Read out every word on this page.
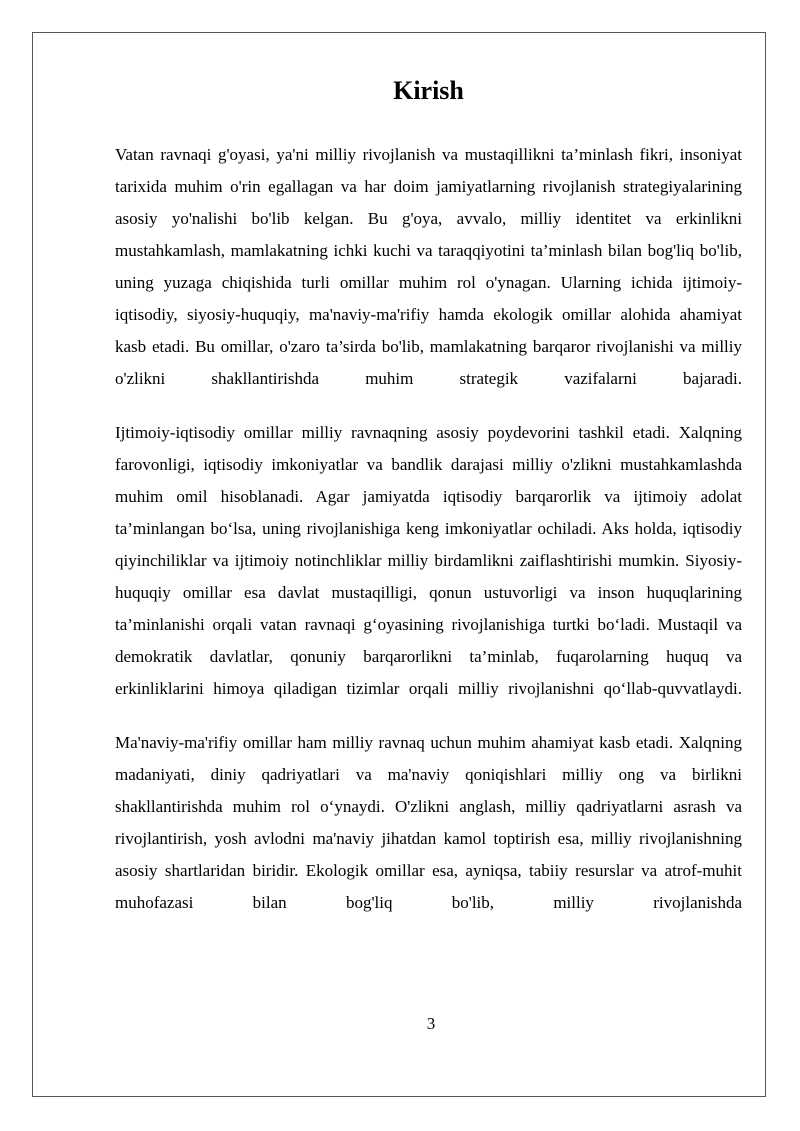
Kirish

Vatan ravnaqi g'oyasi, ya'ni milliy rivojlanish va mustaqillikni ta’minlash fikri, insoniyat tarixida muhim o'rin egallagan va har doim jamiyatlarning rivojlanish strategiyalarining asosiy yo'nalishi bo'lib kelgan. Bu g'oya, avvalo, milliy identitet va erkinlikni mustahkamlash, mamlakatning ichki kuchi va taraqqiyotini ta’minlash bilan bog'liq bo'lib, uning yuzaga chiqishida turli omillar muhim rol o'ynagan. Ularning ichida ijtimoiy-iqtisodiy, siyosiy-huquqiy, ma'naviy-ma'rifiy hamda ekologik omillar alohida ahamiyat kasb etadi. Bu omillar, o'zaro ta’sirda bo'lib, mamlakatning barqaror rivojlanishi va milliy o'zlikni shakllantirishda muhim strategik vazifalarni bajaradi.

Ijtimoiy-iqtisodiy omillar milliy ravnaqning asosiy poydevorini tashkil etadi. Xalqning farovonligi, iqtisodiy imkoniyatlar va bandlik darajasi milliy o'zlikni mustahkamlashda muhim omil hisoblanadi. Agar jamiyatda iqtisodiy barqarorlik va ijtimoiy adolat ta’minlangan bo‘lsa, uning rivojlanishiga keng imkoniyatlar ochiladi. Aks holda, iqtisodiy qiyinchiliklar va ijtimoiy notinchliklar milliy birdamlikni zaiflashtirishi mumkin. Siyosiy-huquqiy omillar esa davlat mustaqilligi, qonun ustuvorligi va inson huquqlarining ta’minlanishi orqali vatan ravnaqi g‘oyasining rivojlanishiga turtki bo‘ladi. Mustaqil va demokratik davlatlar, qonuniy barqarorlikni ta’minlab, fuqarolarning huquq va erkinliklarini himoya qiladigan tizimlar orqali milliy rivojlanishni qo‘llab-quvvatlaydi.

Ma'naviy-ma'rifiy omillar ham milliy ravnaq uchun muhim ahamiyat kasb etadi. Xalqning madaniyati, diniy qadriyatlari va ma'naviy qoniqishlari milliy ong va birlikni shakllantirishda muhim rol o‘ynaydi. O'zlikni anglash, milliy qadriyatlarni asrash va rivojlantirish, yosh avlodni ma'naviy jihatdan kamol toptirish esa, milliy rivojlanishning asosiy shartlaridan biridir. Ekologik omillar esa, ayniqsa, tabiiy resurslar va atrof-muhit muhofazasi bilan bog'liq bo'lib, milliy rivojlanishda

3
